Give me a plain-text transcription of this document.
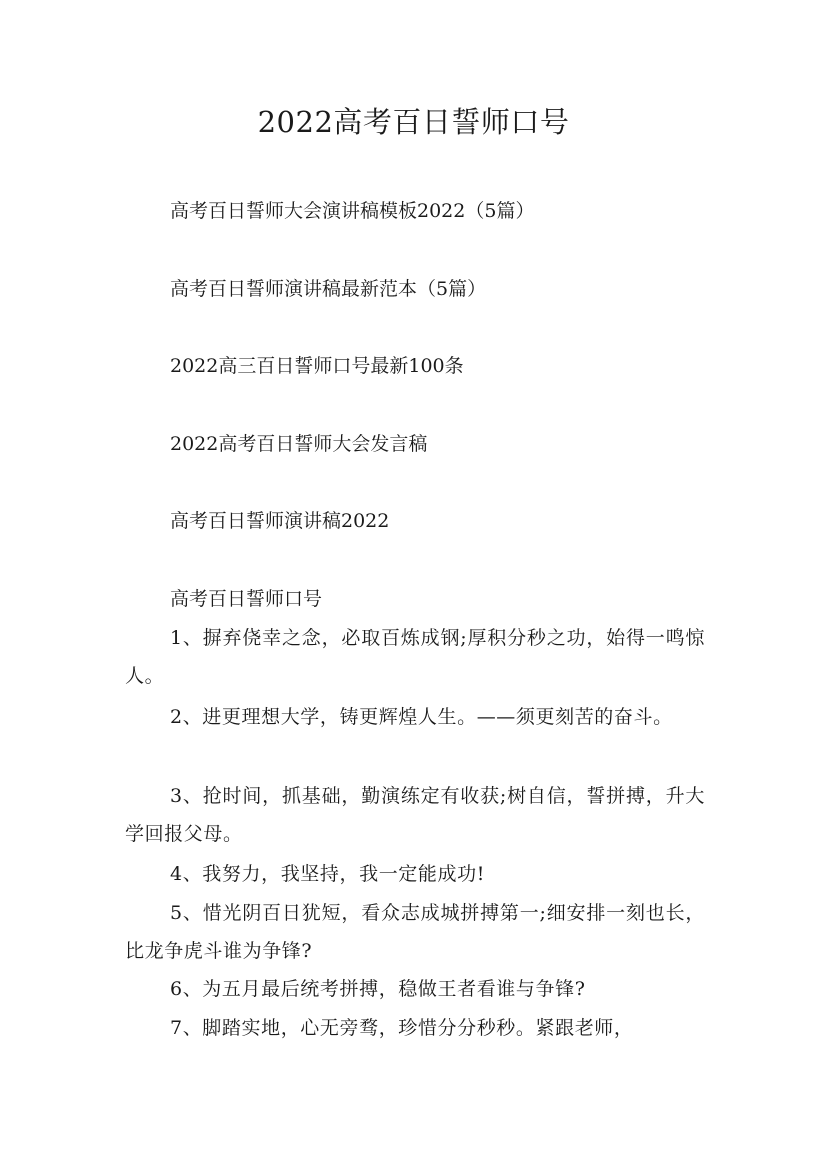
2022高考百日誓师口号
高考百日誓师大会演讲稿模板2022（5篇）
高考百日誓师演讲稿最新范本（5篇）
2022高三百日誓师口号最新100条
2022高考百日誓师大会发言稿
高考百日誓师演讲稿2022
高考百日誓师口号
1、摒弃侥幸之念，必取百炼成钢;厚积分秒之功，始得一鸣惊人。
2、进更理想大学，铸更辉煌人生。——须更刻苦的奋斗。
3、抢时间，抓基础，勤演练定有收获;树自信，誓拼搏，升大学回报父母。
4、我努力，我坚持，我一定能成功!
5、惜光阴百日犹短，看众志成城拼搏第一;细安排一刻也长，比龙争虎斗谁为争锋?
6、为五月最后统考拼搏，稳做王者看谁与争锋?
7、脚踏实地，心无旁骛，珍惜分分秒秒。紧跟老师，
